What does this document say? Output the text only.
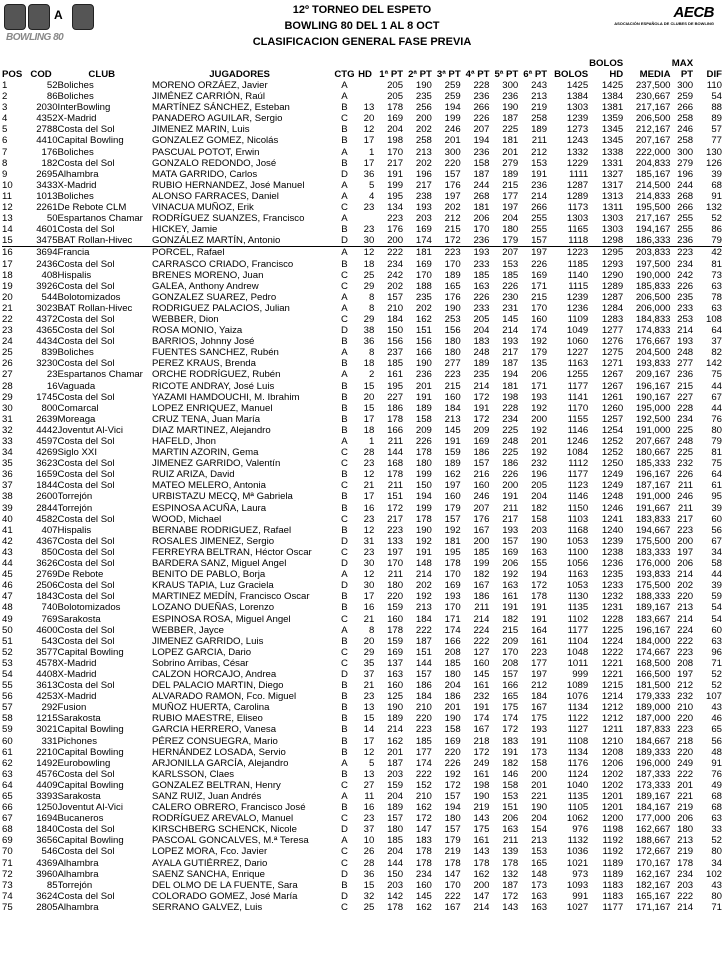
A
BOWLING 80
12º TORNEO DEL ESPETO
BOWLING 80 DEL 1 AL 8 OCT
CLASIFICACION GENERAL FASE PREVIA
AECB
ASOCIACIÓN ESPAÑOLA DE CLUBES DE BOWLING
													BOLOS		MAX	
POS	COD	CLUB	JUGADORES	CTG	HD	1ª PT	2ª PT	3ª PT	4ª PT	5ª PT	6ª PT	BOLOS	HD	MEDIA	PT	DIF
1	52	Boliches	MORENO ORZÁEZ, Javier	A		205	190	259	228	300	243	1425	1425	237,500	300	110
2	86	Boliches	JIMÉNEZ CARRIÓN, Raúl	A		205	235	259	236	236	213	1384	1384	230,667	259	54
3	2030	InterBowling	MARTÍNEZ SÁNCHEZ, Esteban	B	13	178	256	194	266	190	219	1303	1381	217,167	266	88
4	4352	X-Madrid	PANADERO AGUILAR, Sergio	C	20	169	200	199	226	187	258	1239	1359	206,500	258	89
5	2788	Costa del Sol	JIMENEZ MARIN, Luis	B	12	204	202	246	207	225	189	1273	1345	212,167	246	57
6	4410	Capital Bowling	GONZALEZ GOMEZ, Nicolás	B	17	198	258	201	194	181	211	1243	1345	207,167	258	77
7	176	Boliches	PASCUAL POTOT, Erwin	A	1	170	213	300	236	201	212	1332	1338	222,000	300	130
8	182	Costa del Sol	GONZALO REDONDO, José	B	17	217	202	220	158	279	153	1229	1331	204,833	279	126
9	2695	Alhambra	MATA GARRIDO, Carlos	D	36	191	196	157	187	189	191	1111	1327	185,167	196	39
10	3433	X-Madrid	RUBIO HERNANDEZ, José Manuel	A	5	199	217	176	244	215	236	1287	1317	214,500	244	68
11	1013	Boliches	ALONSO FARRACES, Daniel	A	4	195	238	197	268	177	214	1289	1313	214,833	268	91
12	2261	De Rebote CLM	VINACUA MUÑOZ, Erik	C	23	134	193	202	181	197	266	1173	1311	195,500	266	132
13	50	Espartanos Chamar	RODRÍGUEZ SUANZES, Francisco	A		223	203	212	206	204	255	1303	1303	217,167	255	52
14	4601	Costa del Sol	HICKEY, Jamie	B	23	176	169	215	170	180	255	1165	1303	194,167	255	86
15	3475	BAT Rollan-Hivec	GONZÁLEZ MARTÍN, Antonio	D	30	200	174	172	236	179	157	1118	1298	186,333	236	79
16	3694	Francia	PORCEL, Rafael	A	12	222	181	223	193	207	197	1223	1295	203,833	223	42
17	2436	Costa del Sol	CARRASCO CRIADO, Francisco	B	18	234	169	170	233	153	226	1185	1293	197,500	234	81
18	408	Hispalis	BRENES MORENO, Juan	C	25	242	170	189	185	185	169	1140	1290	190,000	242	73
19	3926	Costa del Sol	GALEA, Anthony Andrew	C	29	202	188	165	163	226	171	1115	1289	185,833	226	63
20	544	Bolotomizados	GONZALEZ SUAREZ, Pedro	A	8	157	235	176	226	230	215	1239	1287	206,500	235	78
21	3023	BAT Rollan-Hivec	RODRIGUEZ PALACIOS, Julian	A	8	210	202	190	233	231	170	1236	1284	206,000	233	63
22	4372	Costa del Sol	WEBBER, Dion	C	29	184	162	253	205	145	160	1109	1283	184,833	253	108
23	4365	Costa del Sol	ROSA MONIO, Yaiza	D	38	150	151	156	204	214	174	1049	1277	174,833	214	64
24	4434	Costa del Sol	BARRIOS, Johnny José	B	36	156	156	180	183	193	192	1060	1276	176,667	193	37
25	839	Boliches	FUENTES SANCHEZ, Rubén	A	8	237	166	180	248	217	179	1227	1275	204,500	248	82
26	3230	Costa del Sol	PEREZ KRAUS, Brenda	B	18	185	190	277	189	187	135	1163	1271	193,833	277	142
27	23	Espartanos Chamar	ORCHE RODRÍGUEZ, Rubén	A	2	161	236	223	235	194	206	1255	1267	209,167	236	75
28	16	Vaguada	RICOTE ANDRAY, José Luis	B	15	195	201	215	214	181	171	1177	1267	196,167	215	44
29	1745	Costa del Sol	YAZAMI HAMDOUCHI, M. Ibrahim	B	20	227	191	160	172	198	193	1141	1261	190,167	227	67
30	800	Comarcal	LOPEZ ENRIQUEZ, Manuel	B	15	186	189	184	191	228	192	1170	1260	195,000	228	44
31	2639	Moreaga	CRUZ TENA, Juan María	B	17	178	158	213	172	234	200	1155	1257	192,500	234	76
32	4442	Joventut Al-Vici	DIAZ MARTINEZ, Alejandro	B	18	166	209	145	209	225	192	1146	1254	191,000	225	80
33	4597	Costa del Sol	HAFELD, Jhon	A	1	211	226	191	169	248	201	1246	1252	207,667	248	79
34	4269	Siglo XXI	MARTIN AZORIN, Gema	C	28	144	178	159	186	225	192	1084	1252	180,667	225	81
35	3623	Costa del Sol	JIMENEZ GARRIDO, Valentín	C	23	168	180	189	157	186	232	1112	1250	185,333	232	75
36	1659	Costa del Sol	RUIZ ARIZA, David	B	12	178	199	162	216	226	196	1177	1249	196,167	226	64
37	1844	Costa del Sol	MATEO MELERO, Antonia	C	21	211	150	197	160	200	205	1123	1249	187,167	211	61
38	2600	Torrejón	URBISTAZU MECQ, Mª Gabriela	B	17	151	194	160	246	191	204	1146	1248	191,000	246	95
39	2844	Torrejón	ESPINOSA ACUÑA, Laura	B	16	172	199	179	207	211	182	1150	1246	191,667	211	39
40	4582	Costa del Sol	WOOD, Michael	C	23	217	178	157	176	217	158	1103	1241	183,833	217	60
41	407	Hispalis	BERNABE RODRIGUEZ, Rafael	B	12	223	190	192	167	193	203	1168	1240	194,667	223	56
42	4367	Costa del Sol	ROSALES JIMENEZ, Sergio	D	31	133	192	181	200	157	190	1053	1239	175,500	200	67
43	850	Costa del Sol	FERREYRA BELTRAN, Héctor Oscar	C	23	197	191	195	185	169	163	1100	1238	183,333	197	34
44	3626	Costa del Sol	BARDERA SANZ, Miguel Angel	D	30	170	148	178	199	206	155	1056	1236	176,000	206	58
45	2769	De Rebote	BENITO DE PABLO, Borja	A	12	211	214	170	182	192	194	1163	1235	193,833	214	44
46	2506	Costa del Sol	KRAUS TAPIA, Luz Graciela	D	30	180	202	169	167	163	172	1053	1233	175,500	202	39
47	1843	Costa del Sol	MARTINEZ MEDÍN, Francisco Oscar	B	17	220	192	193	186	161	178	1130	1232	188,333	220	59
48	740	Bolotomizados	LOZANO DUEÑAS, Lorenzo	B	16	159	213	170	211	191	191	1135	1231	189,167	213	54
49	769	Sarakosta	ESPINOSA ROSA, Miguel Angel	C	21	160	184	171	214	182	191	1102	1228	183,667	214	54
50	4600	Costa del Sol	WEBBER, Jayce	A	8	178	222	174	224	215	164	1177	1225	196,167	224	60
51	543	Costa del Sol	JIMENEZ GARRIDO, Luis	B	20	159	187	166	222	209	161	1104	1224	184,000	222	63
52	3577	Capital Bowling	LOPEZ GARCIA, Dario	C	29	169	151	208	127	170	223	1048	1222	174,667	223	96
53	4578	X-Madrid	Sobrino Arribas, César	C	35	137	144	185	160	208	177	1011	1221	168,500	208	71
54	4408	X-Madrid	CALZON HORCAJO, Andrea	D	37	163	157	180	145	157	197	999	1221	166,500	197	52
55	3613	Costa del Sol	DEL PALACIO MARTIN, Diego	B	21	160	186	204	161	166	212	1089	1215	181,500	212	52
56	4253	X-Madrid	ALVARADO RAMON, Fco. Miguel	B	23	125	184	186	232	165	184	1076	1214	179,333	232	107
57	292	Fusion	MUÑOZ HUERTA, Carolina	B	13	190	210	201	191	175	167	1134	1212	189,000	210	43
58	1215	Sarakosta	RUBIO MAESTRE, Eliseo	B	15	189	220	190	174	174	175	1122	1212	187,000	220	46
59	3021	Capital Bowling	GARCIA HERRERO, Vanesa	B	14	214	223	158	167	172	193	1127	1211	187,833	223	65
60	331	Pichones	PÉREZ CONSUEGRA, Mario	B	17	162	185	169	218	183	191	1108	1210	184,667	218	56
61	2210	Capital Bowling	HERNÁNDEZ LOSADA, Servio	B	12	201	177	220	172	191	173	1134	1208	189,333	220	48
62	1492	Eurobowling	ARJONILLA GARCÍA, Alejandro	A	5	187	174	226	249	182	158	1176	1206	196,000	249	91
63	4576	Costa del Sol	KARLSSON, Claes	B	13	203	222	192	161	146	200	1124	1202	187,333	222	76
64	4409	Capital Bowling	GONZALEZ BELTRAN, Henry	C	27	159	152	172	198	158	201	1040	1202	173,333	201	49
65	3393	Sarakosta	SANZ RUIZ, Juan Andrés	A	11	204	210	157	190	153	221	1135	1201	189,167	221	68
66	1250	Joventut Al-Vici	CALERO OBRERO, Francisco José	B	16	189	162	194	219	151	190	1105	1201	184,167	219	68
67	1694	Bucaneros	RODRÍGUEZ AREVALO, Manuel	C	23	157	172	180	143	206	204	1062	1200	177,000	206	63
68	1840	Costa del Sol	KIRSCHBERG SCHENCK, Nicole	D	37	180	147	157	175	163	154	976	1198	162,667	180	33
69	3656	Capital Bowling	PASCOAL GONCALVES, M.ª Teresa	A	10	185	183	179	161	211	213	1132	1192	188,667	213	52
70	546	Costa del Sol	LOPEZ MORA, Fco. Javier	C	26	204	178	219	143	139	153	1036	1192	172,667	219	80
71	4369	Alhambra	AYALA GUTIÉRREZ, Dario	C	28	144	178	178	178	178	165	1021	1189	170,167	178	34
72	3960	Alhambra	SAENZ SANCHA, Enrique	D	36	150	234	147	162	132	148	973	1189	162,167	234	102
73	85	Torrejón	DEL OLMO DE LA FUENTE, Sara	B	15	203	160	170	200	187	173	1093	1183	182,167	203	43
74	3624	Costa del Sol	COLORADO GOMEZ, José María	D	32	142	145	222	147	172	163	991	1183	165,167	222	80
75	2805	Alhambra	SERRANO GALVEZ, Luis	C	25	178	162	167	214	143	163	1027	1177	171,167	214	71
